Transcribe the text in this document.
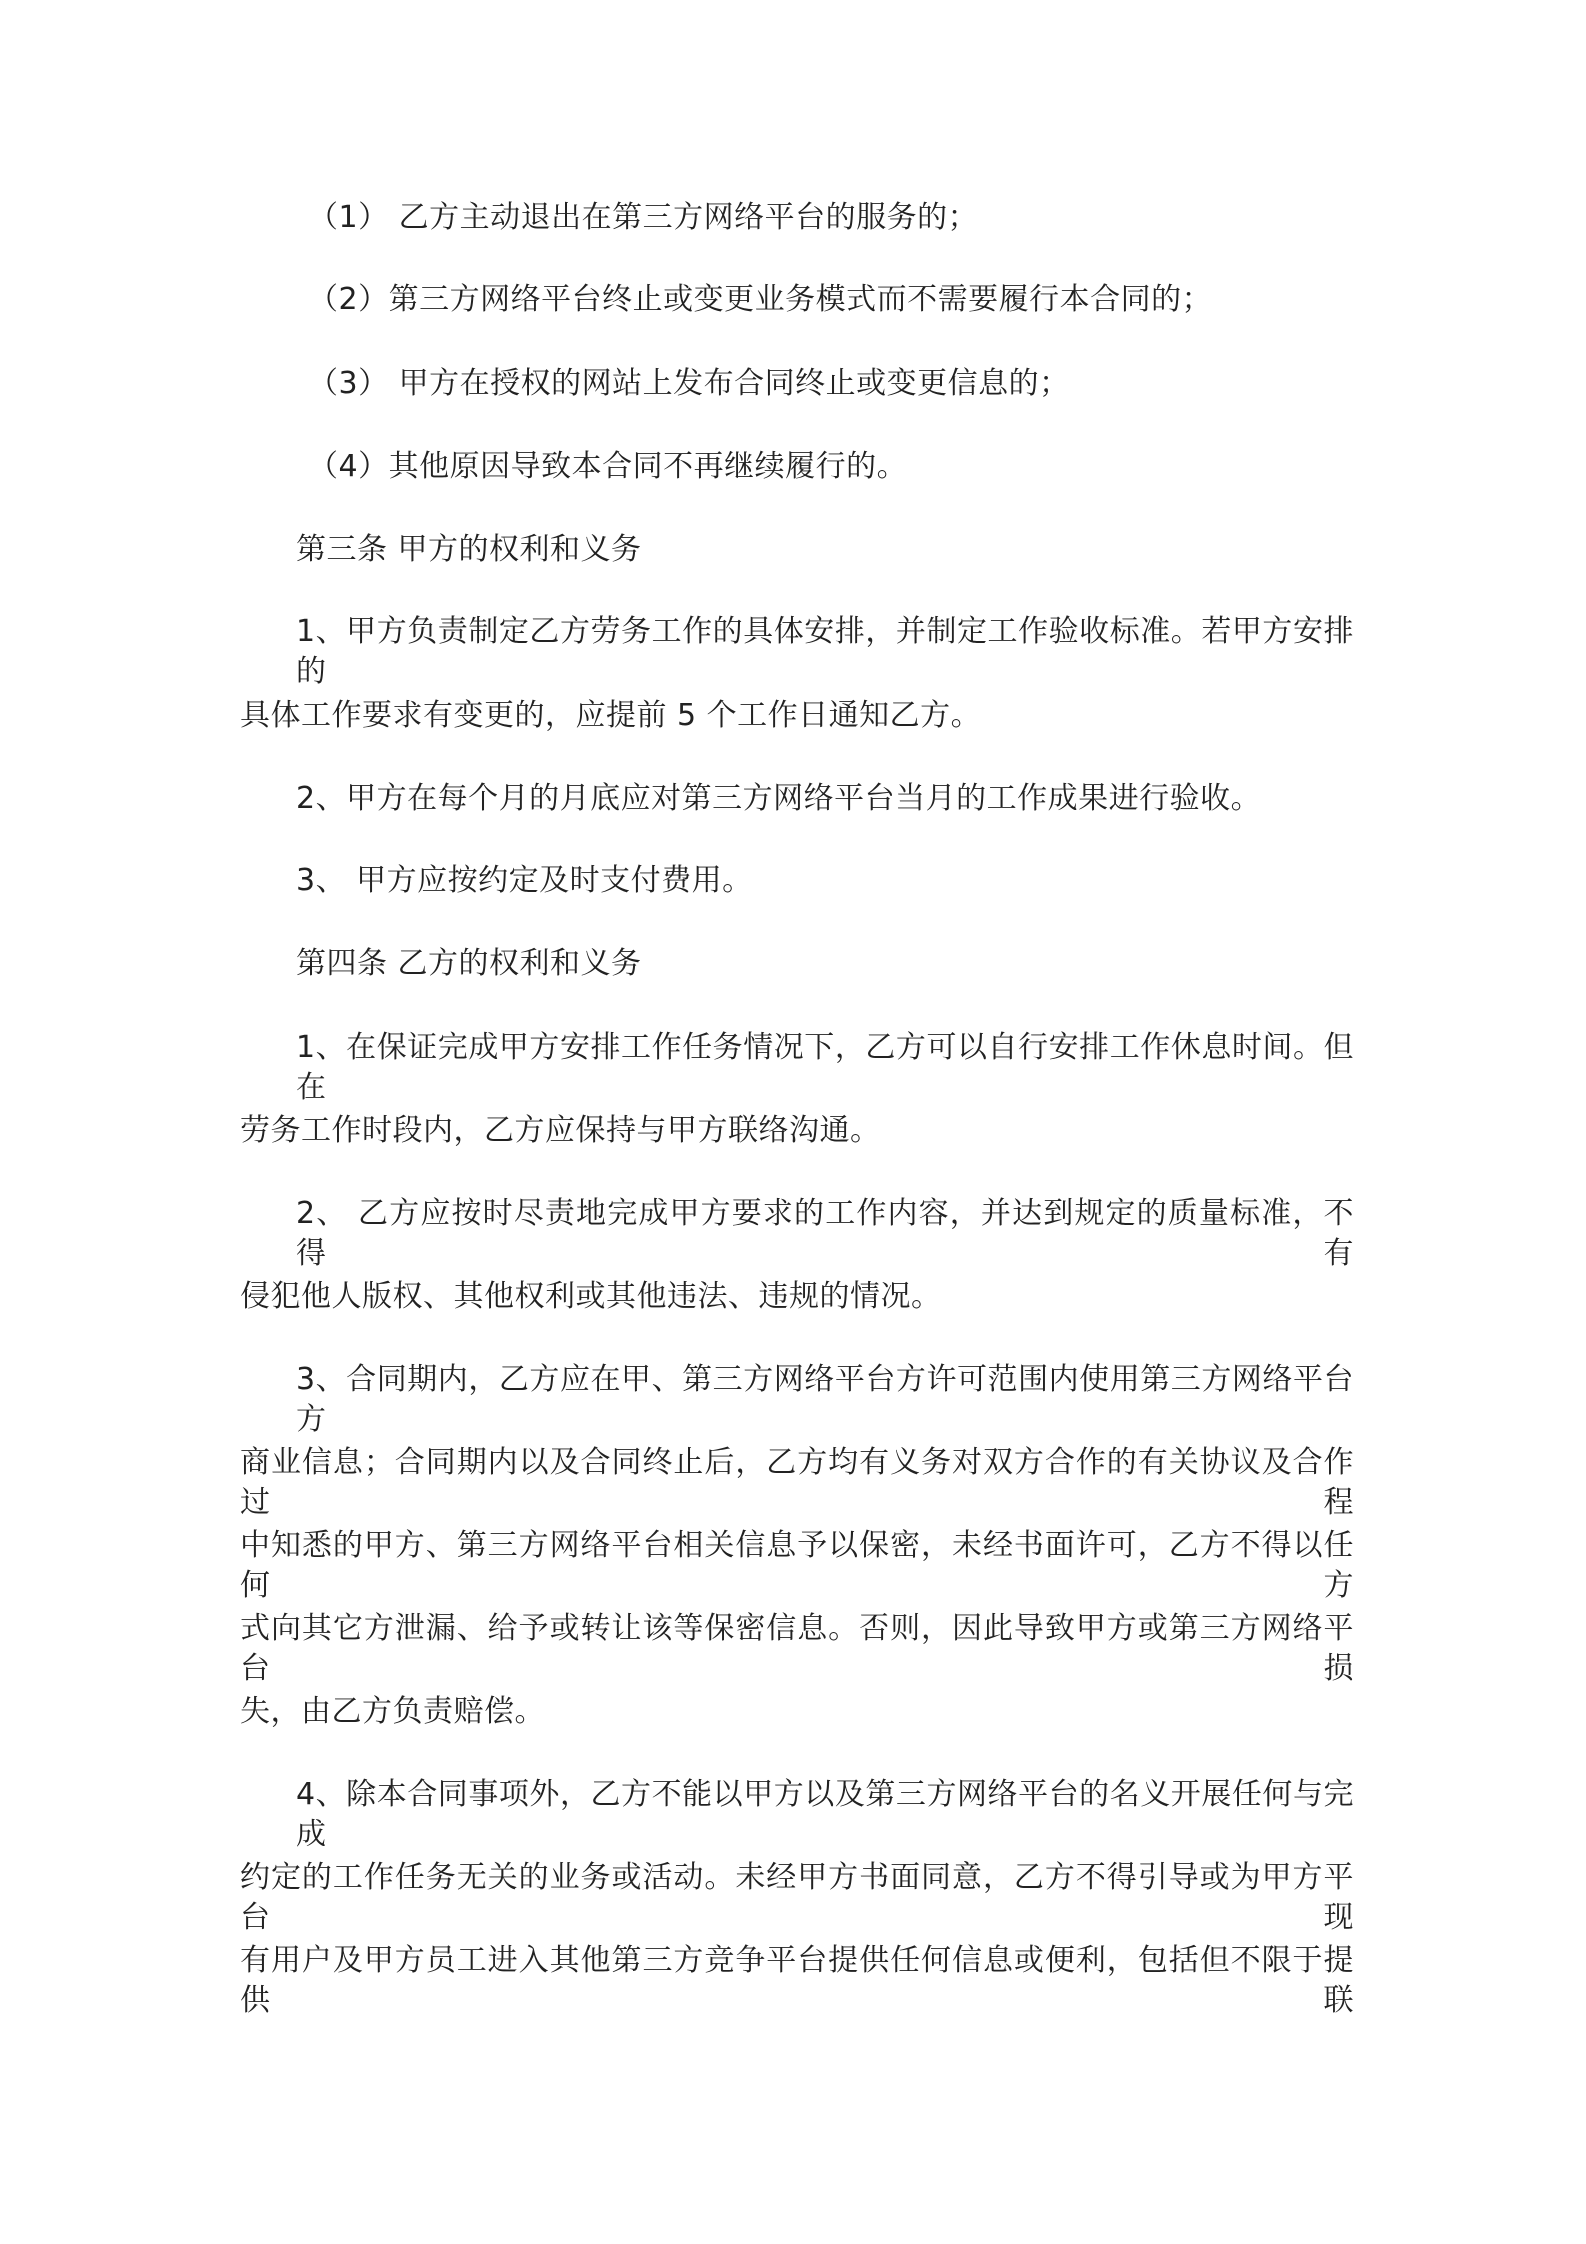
（1） 乙方主动退出在第三方网络平台的服务的；

（2）第三方网络平台终止或变更业务模式而不需要履行本合同的；

（3） 甲方在授权的网站上发布合同终止或变更信息的；

（4）其他原因导致本合同不再继续履行的。

第三条 甲方的权利和义务

1、甲方负责制定乙方劳务工作的具体安排，并制定工作验收标准。若甲方安排的

具体工作要求有变更的，应提前 5 个工作日通知乙方。

2、甲方在每个月的月底应对第三方网络平台当月的工作成果进行验收。

3、 甲方应按约定及时支付费用。

第四条 乙方的权利和义务

1、在保证完成甲方安排工作任务情况下，乙方可以自行安排工作休息时间。但在

劳务工作时段内，乙方应保持与甲方联络沟通。

2、 乙方应按时尽责地完成甲方要求的工作内容，并达到规定的质量标准，不得有

侵犯他人版权、其他权利或其他违法、违规的情况。

3、合同期内，乙方应在甲、第三方网络平台方许可范围内使用第三方网络平台方

商业信息；合同期内以及合同终止后，乙方均有义务对双方合作的有关协议及合作过程

中知悉的甲方、第三方网络平台相关信息予以保密，未经书面许可，乙方不得以任何方

式向其它方泄漏、给予或转让该等保密信息。否则，因此导致甲方或第三方网络平台损

失，由乙方负责赔偿。

4、除本合同事项外，乙方不能以甲方以及第三方网络平台的名义开展任何与完成

约定的工作任务无关的业务或活动。未经甲方书面同意，乙方不得引导或为甲方平台现

有用户及甲方员工进入其他第三方竞争平台提供任何信息或便利，包括但不限于提供联
